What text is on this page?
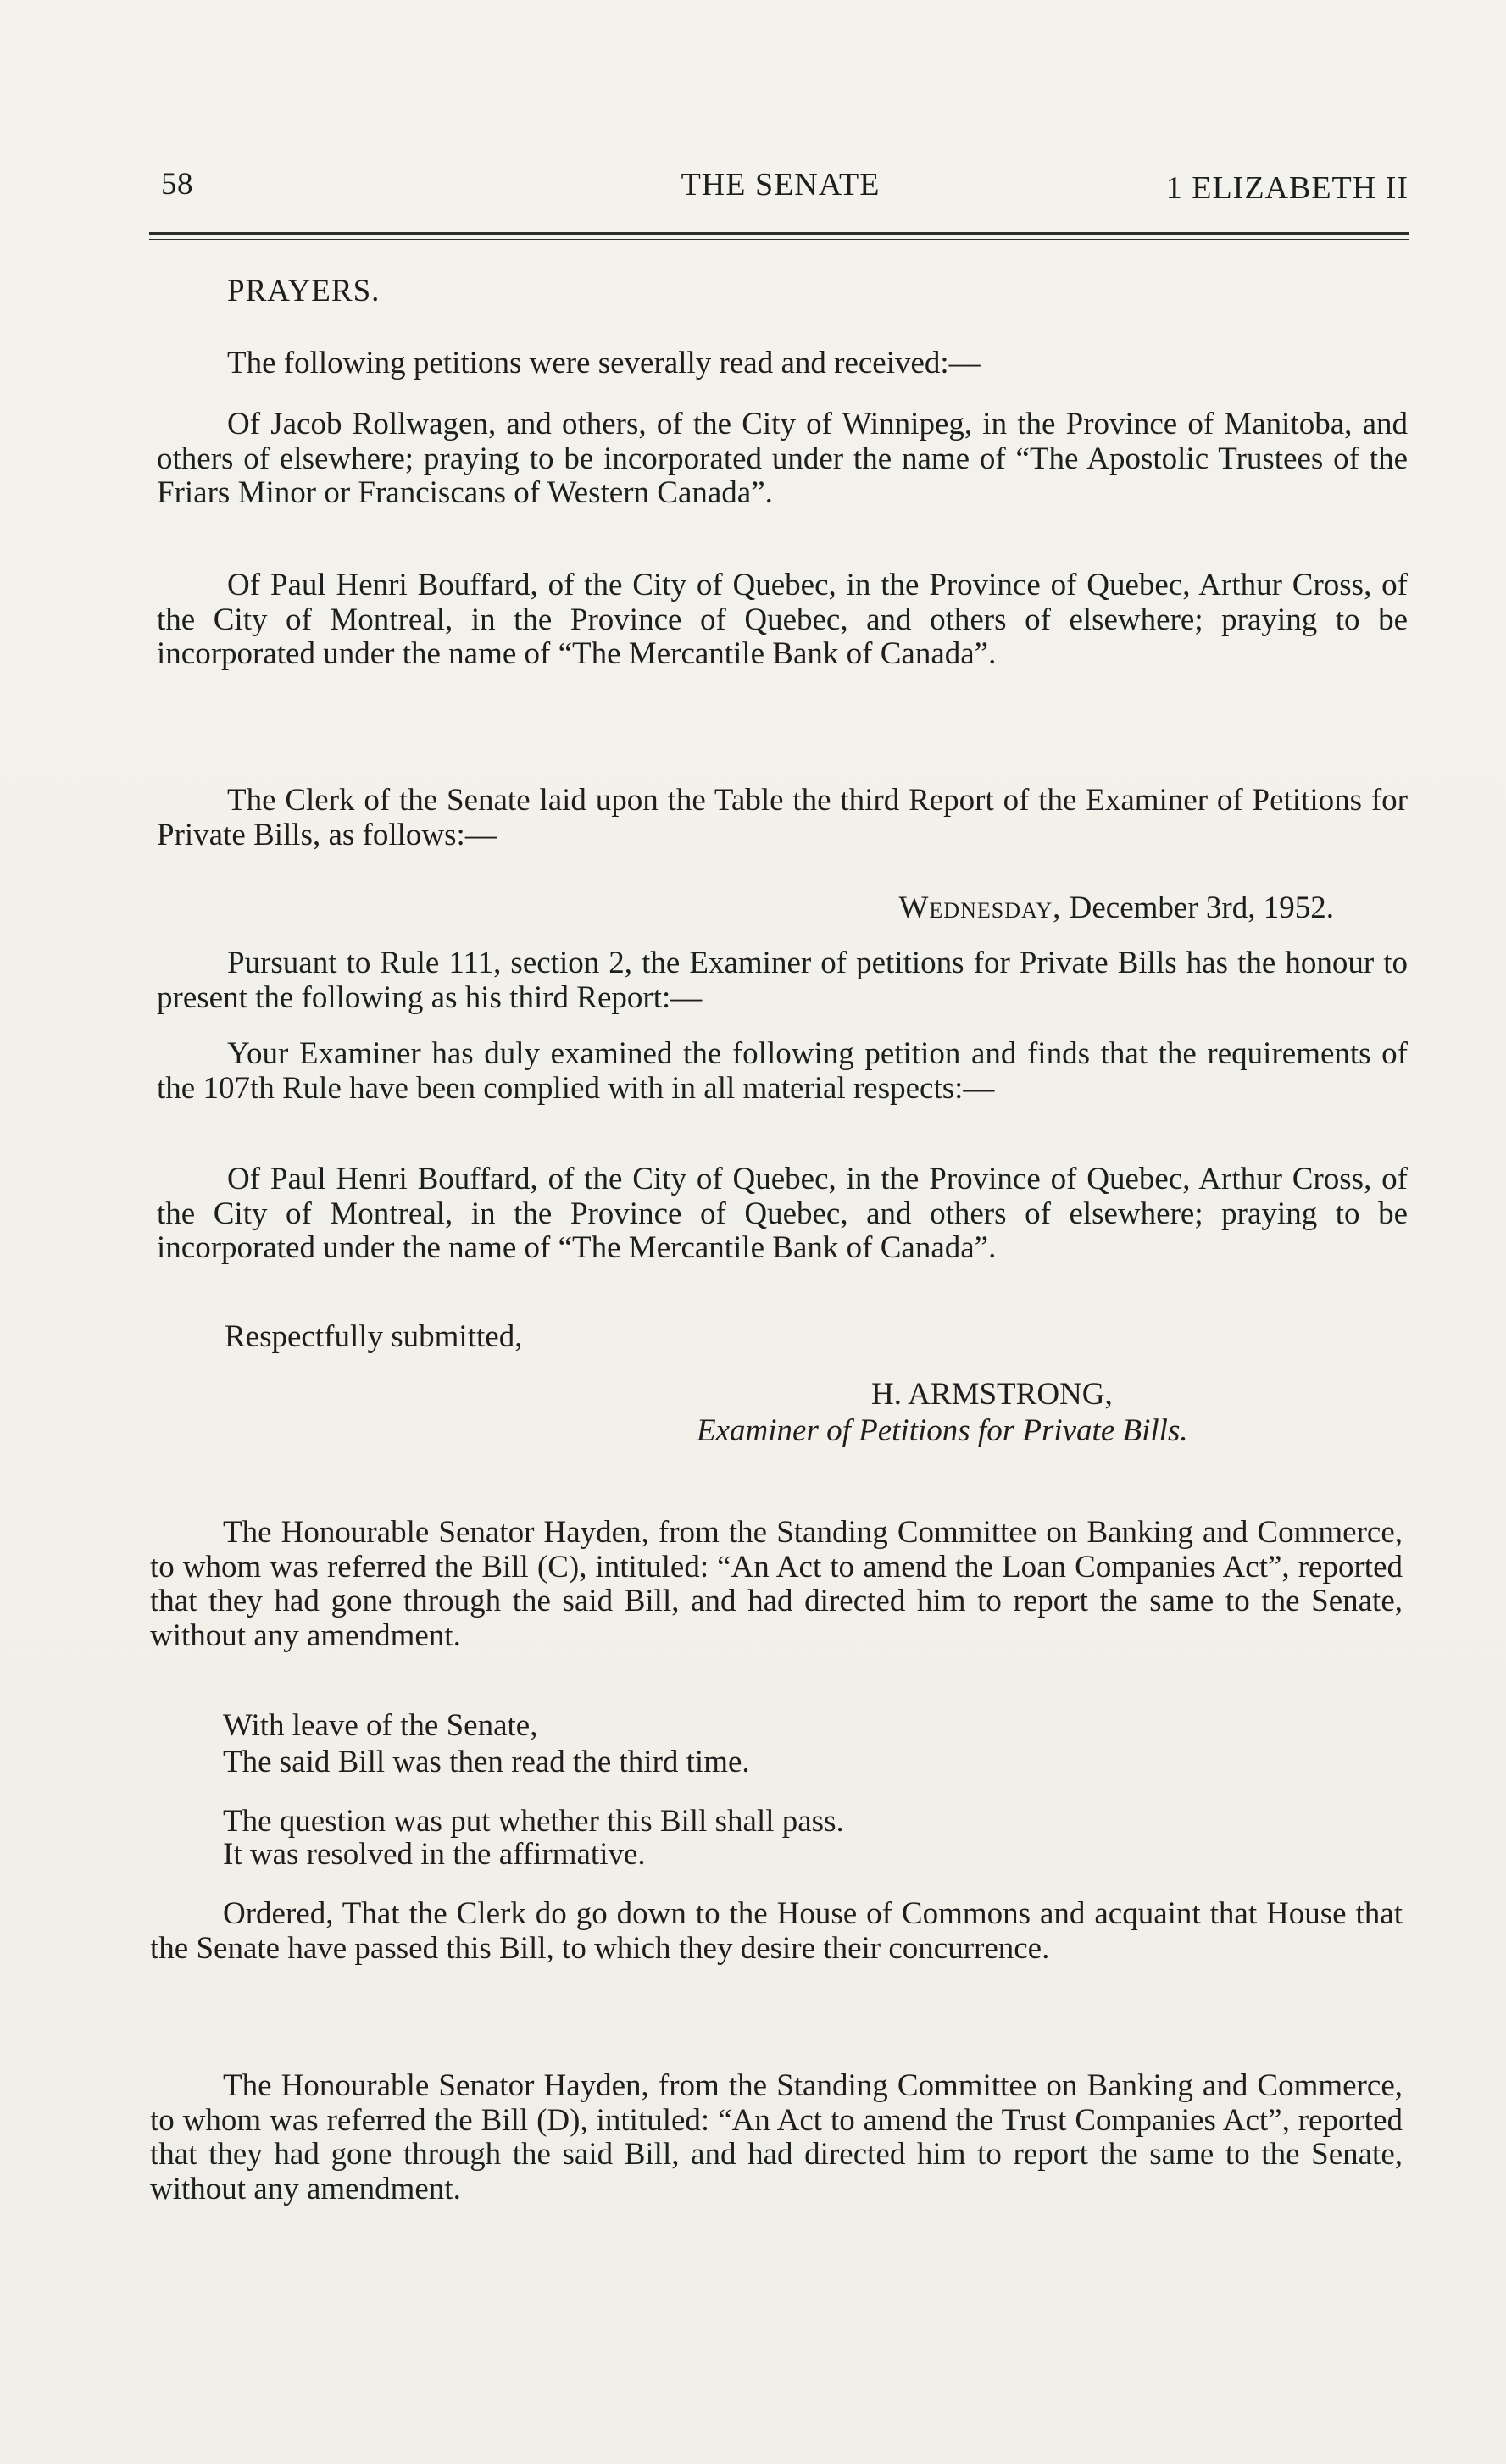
58	THE SENATE	1 ELIZABETH II
PRAYERS.
The following petitions were severally read and received:—
Of Jacob Rollwagen, and others, of the City of Winnipeg, in the Province of Manitoba, and others of elsewhere; praying to be incorporated under the name of “The Apostolic Trustees of the Friars Minor or Franciscans of Western Canada”.
Of Paul Henri Bouffard, of the City of Quebec, in the Province of Quebec, Arthur Cross, of the City of Montreal, in the Province of Quebec, and others of elsewhere; praying to be incorporated under the name of “The Mercantile Bank of Canada”.
The Clerk of the Senate laid upon the Table the third Report of the Examiner of Petitions for Private Bills, as follows:—
Wednesday, December 3rd, 1952.
Pursuant to Rule 111, section 2, the Examiner of petitions for Private Bills has the honour to present the following as his third Report:—
Your Examiner has duly examined the following petition and finds that the requirements of the 107th Rule have been complied with in all material respects:—
Of Paul Henri Bouffard, of the City of Quebec, in the Province of Quebec, Arthur Cross, of the City of Montreal, in the Province of Quebec, and others of elsewhere; praying to be incorporated under the name of “The Mercantile Bank of Canada”.
Respectfully submitted,
H. ARMSTRONG,
Examiner of Petitions for Private Bills.
The Honourable Senator Hayden, from the Standing Committee on Banking and Commerce, to whom was referred the Bill (C), intituled: “An Act to amend the Loan Companies Act”, reported that they had gone through the said Bill, and had directed him to report the same to the Senate, without any amendment.
With leave of the Senate,
The said Bill was then read the third time.
The question was put whether this Bill shall pass.
It was resolved in the affirmative.
Ordered, That the Clerk do go down to the House of Commons and acquaint that House that the Senate have passed this Bill, to which they desire their concurrence.
The Honourable Senator Hayden, from the Standing Committee on Banking and Commerce, to whom was referred the Bill (D), intituled: “An Act to amend the Trust Companies Act”, reported that they had gone through the said Bill, and had directed him to report the same to the Senate, without any amendment.
